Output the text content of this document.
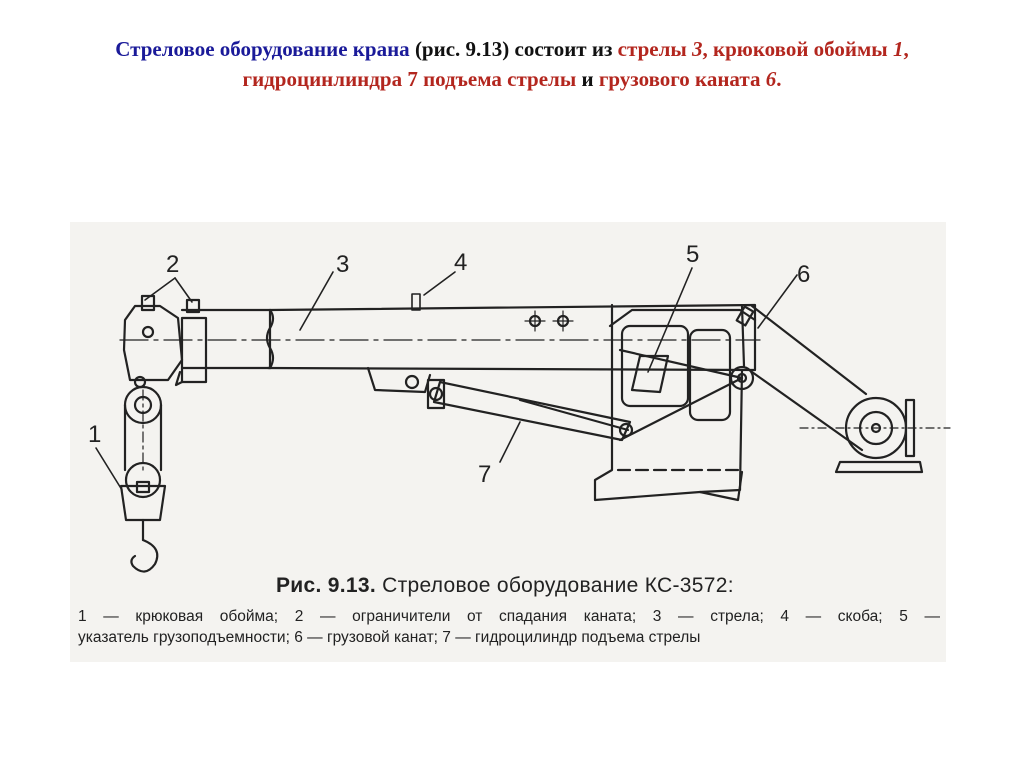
Стреловое оборудование крана (рис. 9.13) состоит из стрелы 3, крюковой обоймы 1, гидроцинлиндра 7 подъема стрелы и грузового каната 6.
2	3	4	5
6
7
1
Рис. 9.13. Стреловое оборудование КС-3572:
1 — крюковая обойма; 2 — ограничители от спадания каната; 3 — стрела; 4 — скоба; 5 —
указатель грузоподъемности; 6 — грузовой канат; 7 — гидроцилиндр подъема стрелы
